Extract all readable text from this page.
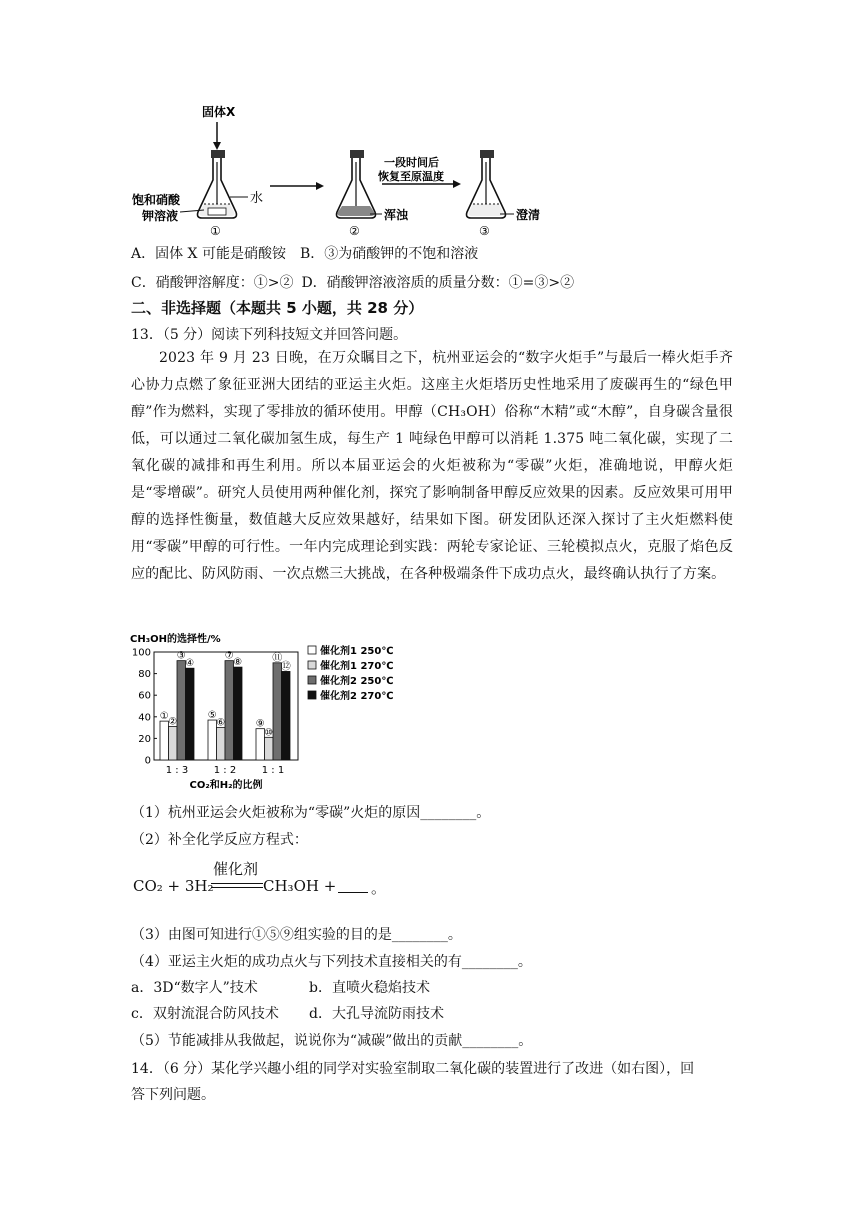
固体X
水
饱和硝酸
钾溶液
①
浑浊
②
一段时间后
恢复至原温度
澄清
③
A．固体 X 可能是硝酸铵 B．③为硝酸钾的不饱和溶液
C．硝酸钾溶解度：①>② D．硝酸钾溶液溶质的质量分数：①=③>②
二、非选择题（本题共 5 小题，共 28 分）
13．（5 分）阅读下列科技短文并回答问题。
2023 年 9 月 23 日晚，在万众瞩目之下，杭州亚运会的“数字火炬手”与最后一棒火炬手齐心协力点燃了象征亚洲大团结的亚运主火炬。这座主火炬塔历史性地采用了废碳再生的“绿色甲醇”作为燃料，实现了零排放的循环使用。甲醇（CH₃OH）俗称“木精”或“木醇”，自身碳含量很低，可以通过二氧化碳加氢生成，每生产 1 吨绿色甲醇可以消耗 1.375 吨二氧化碳，实现了二氧化碳的减排和再生利用。所以本届亚运会的火炬被称为“零碳”火炬，准确地说，甲醇火炬是“零增碳”。研究人员使用两种催化剂，探究了影响制备甲醇反应效果的因素。反应效果可用甲醇的选择性衡量，数值越大反应效果越好，结果如下图。研发团队还深入探讨了主火炬燃料使用“零碳”甲醇的可行性。一年内完成理论到实践：两轮专家论证、三轮模拟点火，克服了焰色反应的配比、防风防雨、一次点燃三大挑战，在各种极端条件下成功点火，最终确认执行了方案。
CH₃OH的选择性/%
0
20
40
60
80
100
① ②
③
④
1 : 3
⑤
⑥
⑦
⑧
1 : 2
⑨
⑩
⑪
⑫
1 : 1
CO₂和H₂的比例
催化剂1 250℃
催化剂1 270℃
催化剂2 250℃
催化剂2 270℃
（1）杭州亚运会火炬被称为“零碳”火炬的原因________。
（2）补全化学反应方程式：
CO₂ + 3H₂
催化剂
CH₃OH + 。
（3）由图可知进行①⑤⑨组实验的目的是________。
（4）亚运主火炬的成功点火与下列技术直接相关的有________。
a．3D“数字人”技术	b．直喷火稳焰技术
c．双射流混合防风技术 d．大孔导流防雨技术
（5）节能减排从我做起，说说你为“减碳”做出的贡献________。
14．（6 分）某化学兴趣小组的同学对实验室制取二氧化碳的装置进行了改进（如右图），回
答下列问题。
